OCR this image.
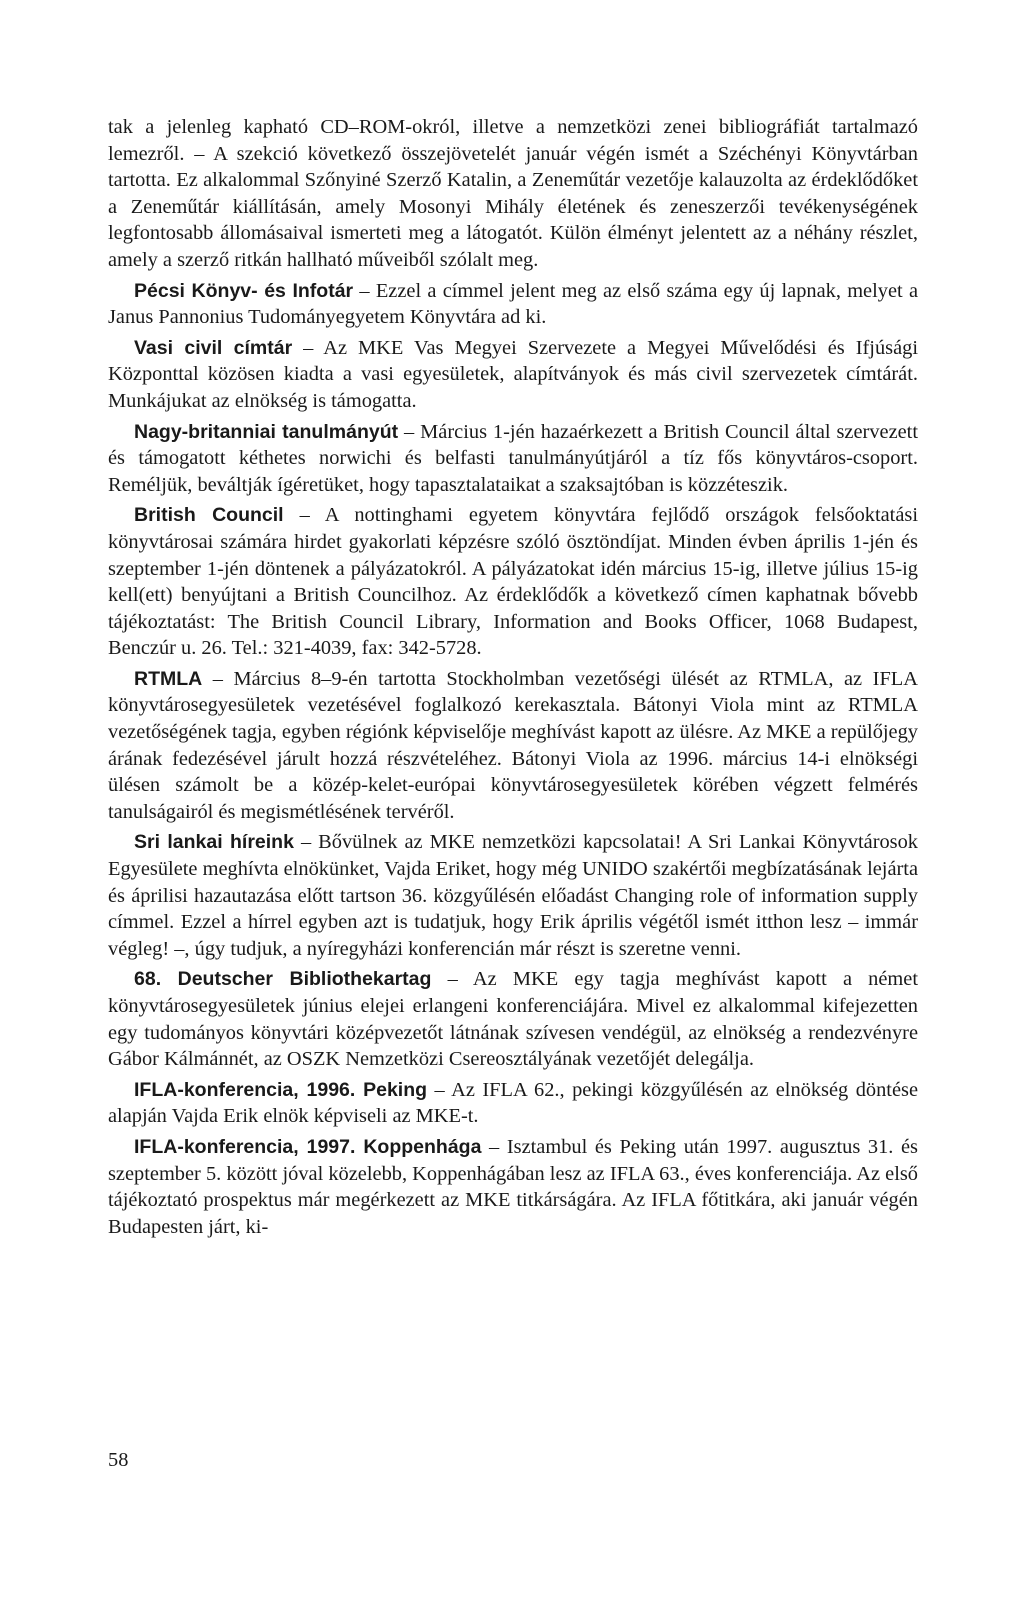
tak a jelenleg kapható CD–ROM-okról, illetve a nemzetközi zenei bibliográfiát tartalmazó lemezről. – A szekció következő összejövetelét január végén ismét a Széchényi Könyvtárban tartotta. Ez alkalommal Szőnyiné Szerző Katalin, a Zeneműtár vezetője kalauzolta az érdeklődőket a Zeneműtár kiállításán, amely Mosonyi Mihály életének és zeneszerzői tevékenységének legfontosabb állomásaival ismerteti meg a látogatót. Külön élményt jelentett az a néhány részlet, amely a szerző ritkán hallható műveiből szólalt meg.

Pécsi Könyv- és Infotár – Ezzel a címmel jelent meg az első száma egy új lapnak, melyet a Janus Pannonius Tudományegyetem Könyvtára ad ki.

Vasi civil címtár – Az MKE Vas Megyei Szervezete a Megyei Művelődési és Ifjúsági Központtal közösen kiadta a vasi egyesületek, alapítványok és más civil szervezetek címtárát. Munkájukat az elnökség is támogatta.

Nagy-britanniai tanulmányút – Március 1-jén hazaérkezett a British Council által szervezett és támogatott kéthetes norwichi és belfasti tanulmányútjáról a tíz fős könyvtáros-csoport. Reméljük, beváltják ígéretüket, hogy tapasztalataikat a szaksajtóban is közzéteszik.

British Council – A nottinghami egyetem könyvtára fejlődő országok felsőoktatási könyvtárosai számára hirdet gyakorlati képzésre szóló ösztöndíjat. Minden évben április 1-jén és szeptember 1-jén döntenek a pályázatokról. A pályázatokat idén március 15-ig, illetve július 15-ig kell(ett) benyújtani a British Councilhoz. Az érdeklődők a következő címen kaphatnak bővebb tájékoztatást: The British Council Library, Information and Books Officer, 1068 Budapest, Benczúr u. 26. Tel.: 321-4039, fax: 342-5728.

RTMLA – Március 8–9-én tartotta Stockholmban vezetőségi ülését az RTMLA, az IFLA könyvtárosegyesületek vezetésével foglalkozó kerekasztala. Bátonyi Viola mint az RTMLA vezetőségének tagja, egyben régiónk képviselője meghívást kapott az ülésre. Az MKE a repülőjegy árának fedezésével járult hozzá részvételéhez. Bátonyi Viola az 1996. március 14-i elnökségi ülésen számolt be a közép-kelet-európai könyvtárosegyesületek körében végzett felmérés tanulságairól és megismétlésének tervéről.

Sri lankai híreink – Bővülnek az MKE nemzetközi kapcsolatai! A Sri Lankai Könyvtárosok Egyesülete meghívta elnökünket, Vajda Eriket, hogy még UNIDO szakértői megbízatásának lejárta és áprilisi hazautazása előtt tartson 36. közgyűlésén előadást Changing role of information supply címmel. Ezzel a hírrel egyben azt is tudatjuk, hogy Erik április végétől ismét itthon lesz – immár végleg! –, úgy tudjuk, a nyíregyházi konferencián már részt is szeretne venni.

68. Deutscher Bibliothekartag – Az MKE egy tagja meghívást kapott a német könyvtárosegyesületek június elejei erlangeni konferenciájára. Mivel ez alkalommal kifejezetten egy tudományos könyvtári középvezetőt látnának szívesen vendégül, az elnökség a rendezvényre Gábor Kálmánnét, az OSZK Nemzetközi Csereosztályának vezetőjét delegálja.

IFLA-konferencia, 1996. Peking – Az IFLA 62., pekingi közgyűlésén az elnökség döntése alapján Vajda Erik elnök képviseli az MKE-t.

IFLA-konferencia, 1997. Koppenhága – Isztambul és Peking után 1997. augusztus 31. és szeptember 5. között jóval közelebb, Koppenhágában lesz az IFLA 63., éves konferenciája. Az első tájékoztató prospektus már megérkezett az MKE titkárságára. Az IFLA főtitkára, aki január végén Budapesten járt, ki-

58
